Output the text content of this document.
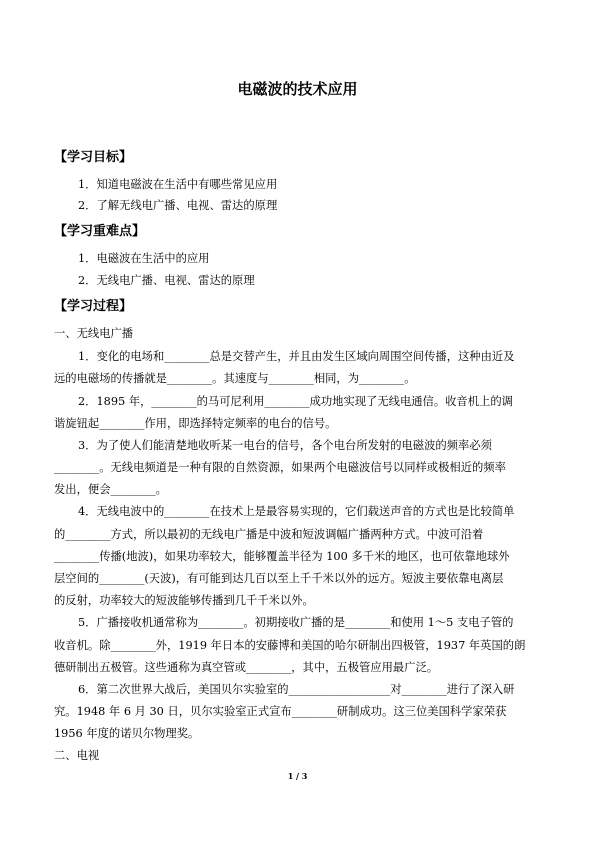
电磁波的技术应用
【学习目标】
1．知道电磁波在生活中有哪些常见应用
2．了解无线电广播、电视、雷达的原理
【学习重难点】
1．电磁波在生活中的应用
2．无线电广播、电视、雷达的原理
【学习过程】
一、无线电广播
1．变化的电场和________总是交替产生，并且由发生区域向周围空间传播，这种由近及
远的电磁场的传播就是________。其速度与________相同，为________。
2．1895 年，________的马可尼利用________成功地实现了无线电通信。收音机上的调
谐旋钮起________作用，即选择特定频率的电台的信号。
3．为了使人们能清楚地收听某一电台的信号，各个电台所发射的电磁波的频率必须
________。无线电频道是一种有限的自然资源，如果两个电磁波信号以同样或极相近的频率
发出，便会________。
4．无线电波中的________在技术上是最容易实现的，它们载送声音的方式也是比较简单
的________方式，所以最初的无线电广播是中波和短波调幅广播两种方式。中波可沿着
________传播(地波)，如果功率较大，能够覆盖半径为 100 多千米的地区，也可依靠地球外
层空间的________(天波)，有可能到达几百以至上千千米以外的远方。短波主要依靠电离层
的反射，功率较大的短波能够传播到几千千米以外。
5．广播接收机通常称为________。初期接收广播的是________和使用 1～5 支电子管的
收音机。除________外，1919 年日本的安藤博和美国的哈尔研制出四极管，1937 年英国的朗
德研制出五极管。这些通称为真空管或________，其中，五极管应用最广泛。
6．第二次世界大战后，美国贝尔实验室的__________________对________进行了深入研
究。1948 年 6 月 30 日，贝尔实验室正式宣布________研制成功。这三位美国科学家荣获
1956 年度的诺贝尔物理奖。
二、电视
1 / 3
